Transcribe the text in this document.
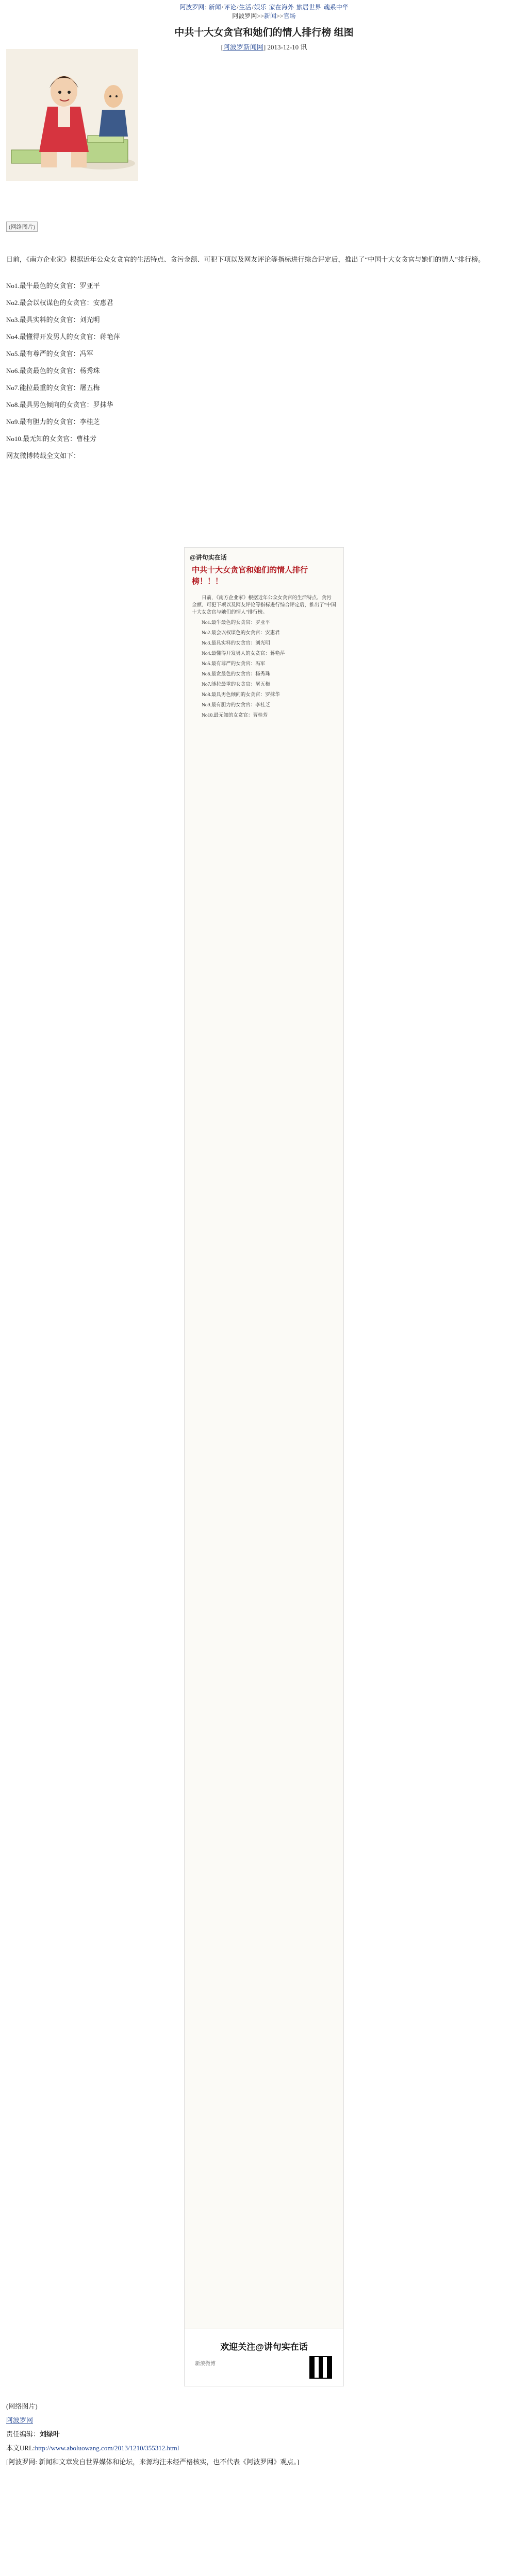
阿波罗网: 新闻/评论/生活/娱乐 家在海外 旅居世界 魂系中华
阿波罗网>>新闻>>官场
中共十大女贪官和她们的情人排行榜 组图
[阿波罗新闻网] 2013-12-10 讯
(网络图片)

日前，《南方企业家》根据近年公众女贪官的生活特点、贪污金额、可犯下项以及网友评论等指标进行综合评定后，推出了“中国十大女贪官与她们的情人”排行榜。

No1.最牛最色的女贪官：罗亚平
No2.最会以权谋色的女贪官：安惠君
No3.最具实料的女贪官：刘光明
No4.最懂得开发男人的女贪官：蒋艳萍
No5.最有尊严的女贪官：冯军
No6.最贪最色的女贪官：杨秀珠
No7.能拉最重的女贪官：屠五梅
No8.最具男色倾向的女贪官：罗抹华
No9.最有胆力的女贪官：李桂芝
No10.最无知的女贪官：曹桂芳
网友微博转载全文如下：
@讲句实在话
中共十大女贪官和她们的情人排行榜！！！

日前，《南方企业家》根据近年公众女贪官的生活特点、贪污金额、可犯下项以及网友评论等指标进行综合评定后，推出了“中国十大女贪官与她们的情人”排行榜。

No1.最牛最色的女贪官：罗亚平

No2.最会以权谋色的女贪官：安惠君

No3.最具实料的女贪官：刘光明

No4.最懂得开发男人的女贪官：蒋艳萍

No5.最有尊严的女贪官：冯军

No6.最贪最色的女贪官：杨秀珠

No7.能拉最重的女贪官：屠五梅

No8.最具男色倾向的女贪官：罗抹华

No9.最有胆力的女贪官：李桂芝

No10.最无知的女贪官：曹桂芳

欢迎关注@讲句实在话
新浪微博
(网络图片)
阿波罗网
责任编辑：刘绿叶
本文URL:http://www.aboluowang.com/2013/1210/355312.html
[阿波罗网: 新闻和文章发自世界媒体和论坛，来源均注未经严格核实，也不代表《阿波罗网》观点。]
